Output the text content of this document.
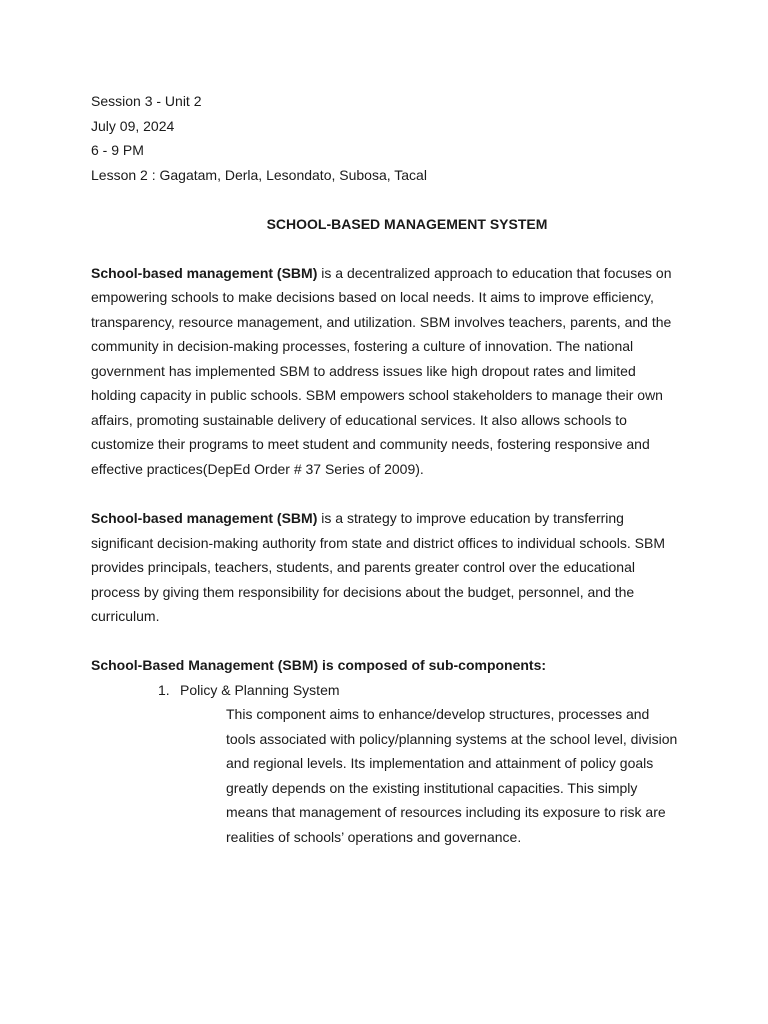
Session 3 - Unit 2
July 09, 2024
6 - 9 PM
Lesson 2 : Gagatam, Derla, Lesondato, Subosa, Tacal
SCHOOL-BASED MANAGEMENT SYSTEM

School-based management (SBM) is a decentralized approach to education that focuses on empowering schools to make decisions based on local needs. It aims to improve efficiency, transparency, resource management, and utilization. SBM involves teachers, parents, and the community in decision-making processes, fostering a culture of innovation. The national government has implemented SBM to address issues like high dropout rates and limited holding capacity in public schools. SBM empowers school stakeholders to manage their own affairs, promoting sustainable delivery of educational services. It also allows schools to customize their programs to meet student and community needs, fostering responsive and effective practices(DepEd Order # 37 Series of 2009).

School-based management (SBM) is a strategy to improve education by transferring significant decision-making authority from state and district offices to individual schools. SBM provides principals, teachers, students, and parents greater control over the educational process by giving them responsibility for decisions about the budget, personnel, and the curriculum.

School-Based Management (SBM) is composed of sub-components:
1. Policy & Planning System

This component aims to enhance/develop structures, processes and tools associated with policy/planning systems at the school level, division and regional levels. Its implementation and attainment of policy goals greatly depends on the existing institutional capacities. This simply means that management of resources including its exposure to risk are realities of schools’ operations and governance.
